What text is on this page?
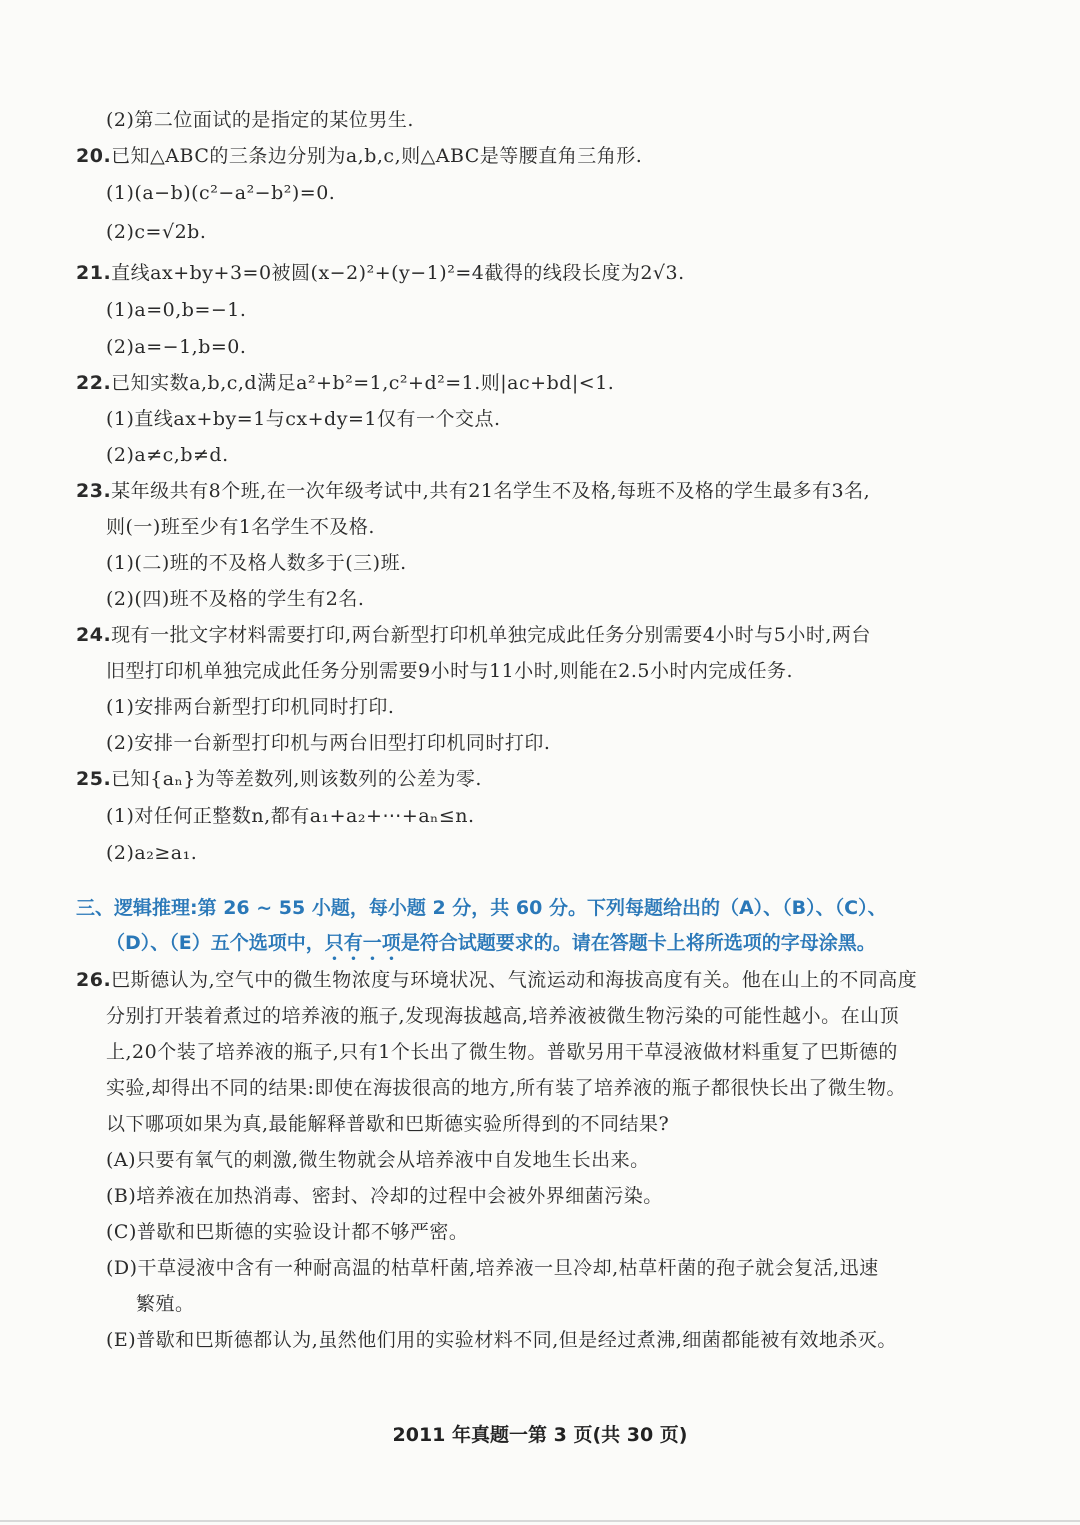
(2)第二位面试的是指定的某位男生.
20.已知△ABC的三条边分别为a,b,c,则△ABC是等腰直角三角形.
(1)(a−b)(c²−a²−b²)=0.
(2)c=√2b.
21.直线ax+by+3=0被圆(x−2)²+(y−1)²=4截得的线段长度为2√3.
(1)a=0,b=−1.
(2)a=−1,b=0.
22.已知实数a,b,c,d满足a²+b²=1,c²+d²=1.则|ac+bd|<1.
(1)直线ax+by=1与cx+dy=1仅有一个交点.
(2)a≠c,b≠d.
23.某年级共有8个班,在一次年级考试中,共有21名学生不及格,每班不及格的学生最多有3名,
则(一)班至少有1名学生不及格.
(1)(二)班的不及格人数多于(三)班.
(2)(四)班不及格的学生有2名.
24.现有一批文字材料需要打印,两台新型打印机单独完成此任务分别需要4小时与5小时,两台
旧型打印机单独完成此任务分别需要9小时与11小时,则能在2.5小时内完成任务.
(1)安排两台新型打印机同时打印.
(2)安排一台新型打印机与两台旧型打印机同时打印.
25.已知{aₙ}为等差数列,则该数列的公差为零.
(1)对任何正整数n,都有a₁+a₂+⋯+aₙ≤n.
(2)a₂≥a₁.
三、逻辑推理:第 26 ~ 55 小题，每小题 2 分，共 60 分。下列每题给出的（A）、（B）、（C）、
（D）、（E）五个选项中，只有一项是符合试题要求的。请在答题卡上将所选项的字母涂黑。
26.巴斯德认为,空气中的微生物浓度与环境状况、气流运动和海拔高度有关。他在山上的不同高度
分别打开装着煮过的培养液的瓶子,发现海拔越高,培养液被微生物污染的可能性越小。在山顶
上,20个装了培养液的瓶子,只有1个长出了微生物。普歇另用干草浸液做材料重复了巴斯德的
实验,却得出不同的结果:即使在海拔很高的地方,所有装了培养液的瓶子都很快长出了微生物。
以下哪项如果为真,最能解释普歇和巴斯德实验所得到的不同结果?
(A)只要有氧气的刺激,微生物就会从培养液中自发地生长出来。
(B)培养液在加热消毒、密封、冷却的过程中会被外界细菌污染。
(C)普歇和巴斯德的实验设计都不够严密。
(D)干草浸液中含有一种耐高温的枯草杆菌,培养液一旦冷却,枯草杆菌的孢子就会复活,迅速
繁殖。
(E)普歇和巴斯德都认为,虽然他们用的实验材料不同,但是经过煮沸,细菌都能被有效地杀灭。
2011 年真题一第 3 页(共 30 页)
